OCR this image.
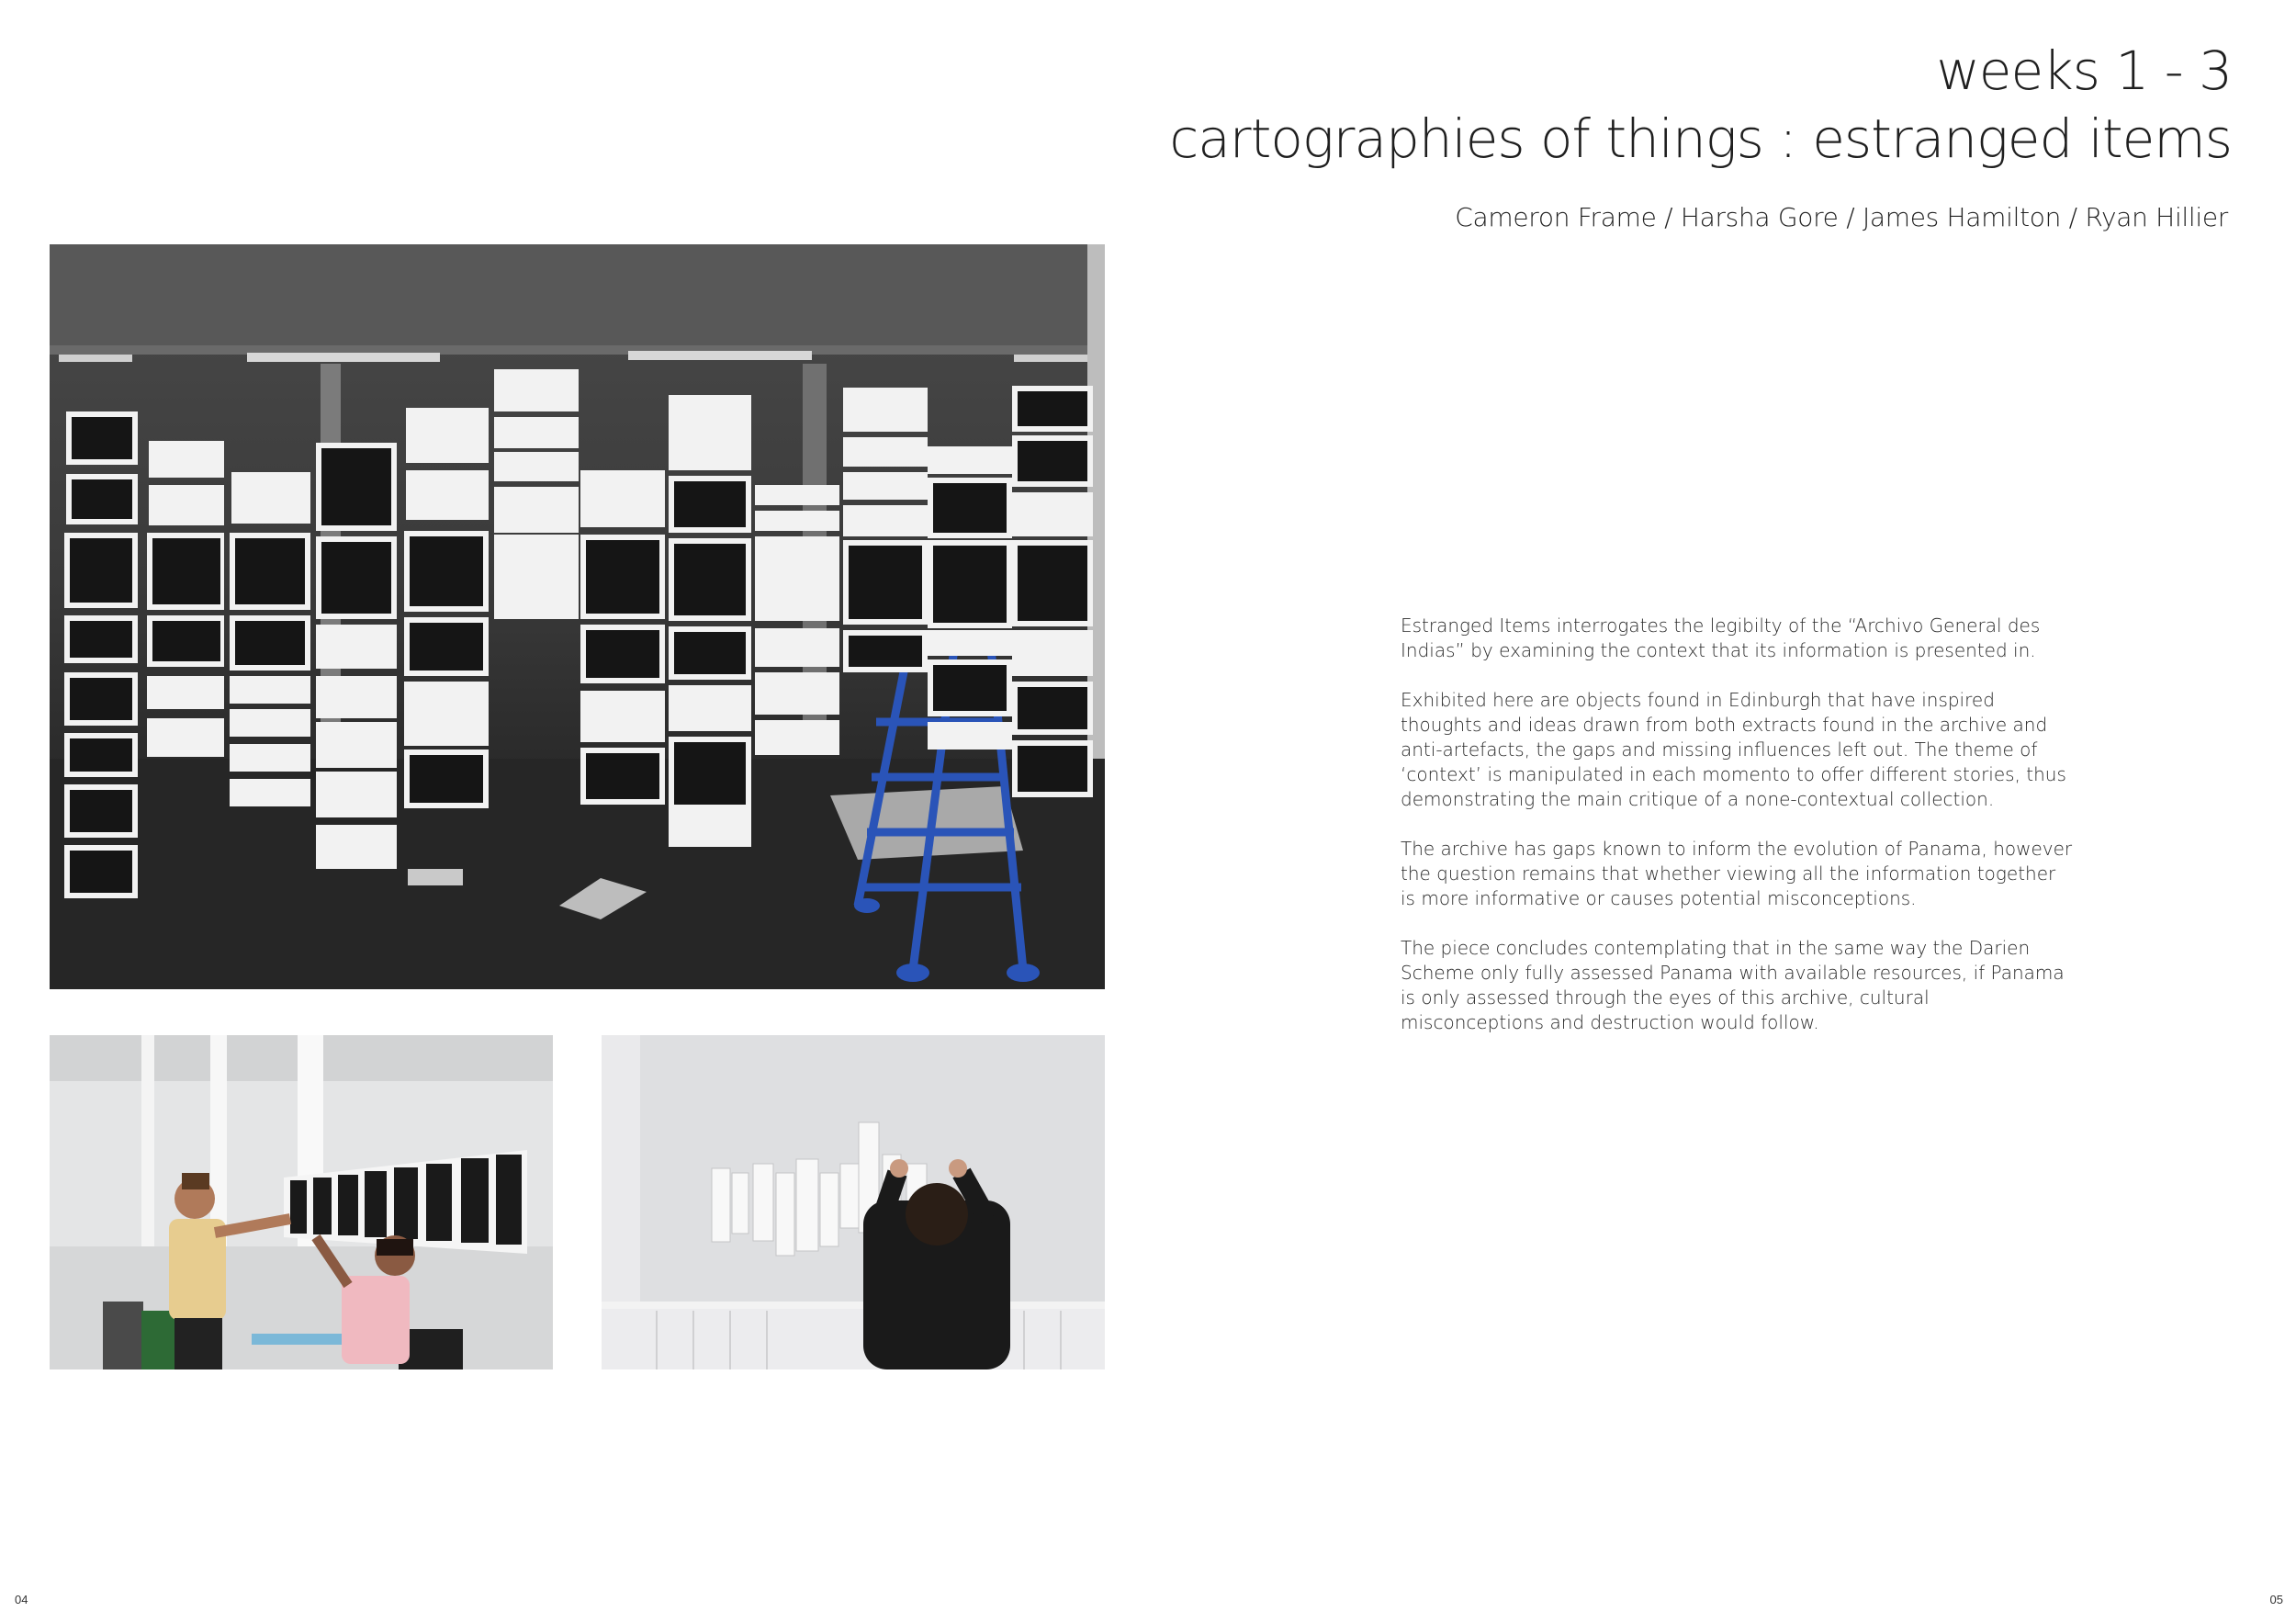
weeks 1 - 3
cartographies of things : estranged items
Cameron Frame / Harsha Gore / James Hamilton / Ryan Hillier

Estranged Items interrogates the legibilty of the “Archivo General des Indias” by examining the context that its information is presented in.

Exhibited here are objects found in Edinburgh that have inspired thoughts and ideas drawn from both extracts found in the archive and anti-artefacts, the gaps and missing influences left out. The theme of ‘context’ is manipulated in each momento to offer different stories, thus demonstrating the main critique of a none-contextual collection.

The archive has gaps known to inform the evolution of Panama, however the question remains that whether viewing all the information together is more informative or causes potential misconceptions.

The piece concludes contemplating that in the same way the Darien Scheme only fully assessed Panama with available resources, if Panama is only assessed through the eyes of this archive, cultural misconceptions and destruction would follow.

04	05
